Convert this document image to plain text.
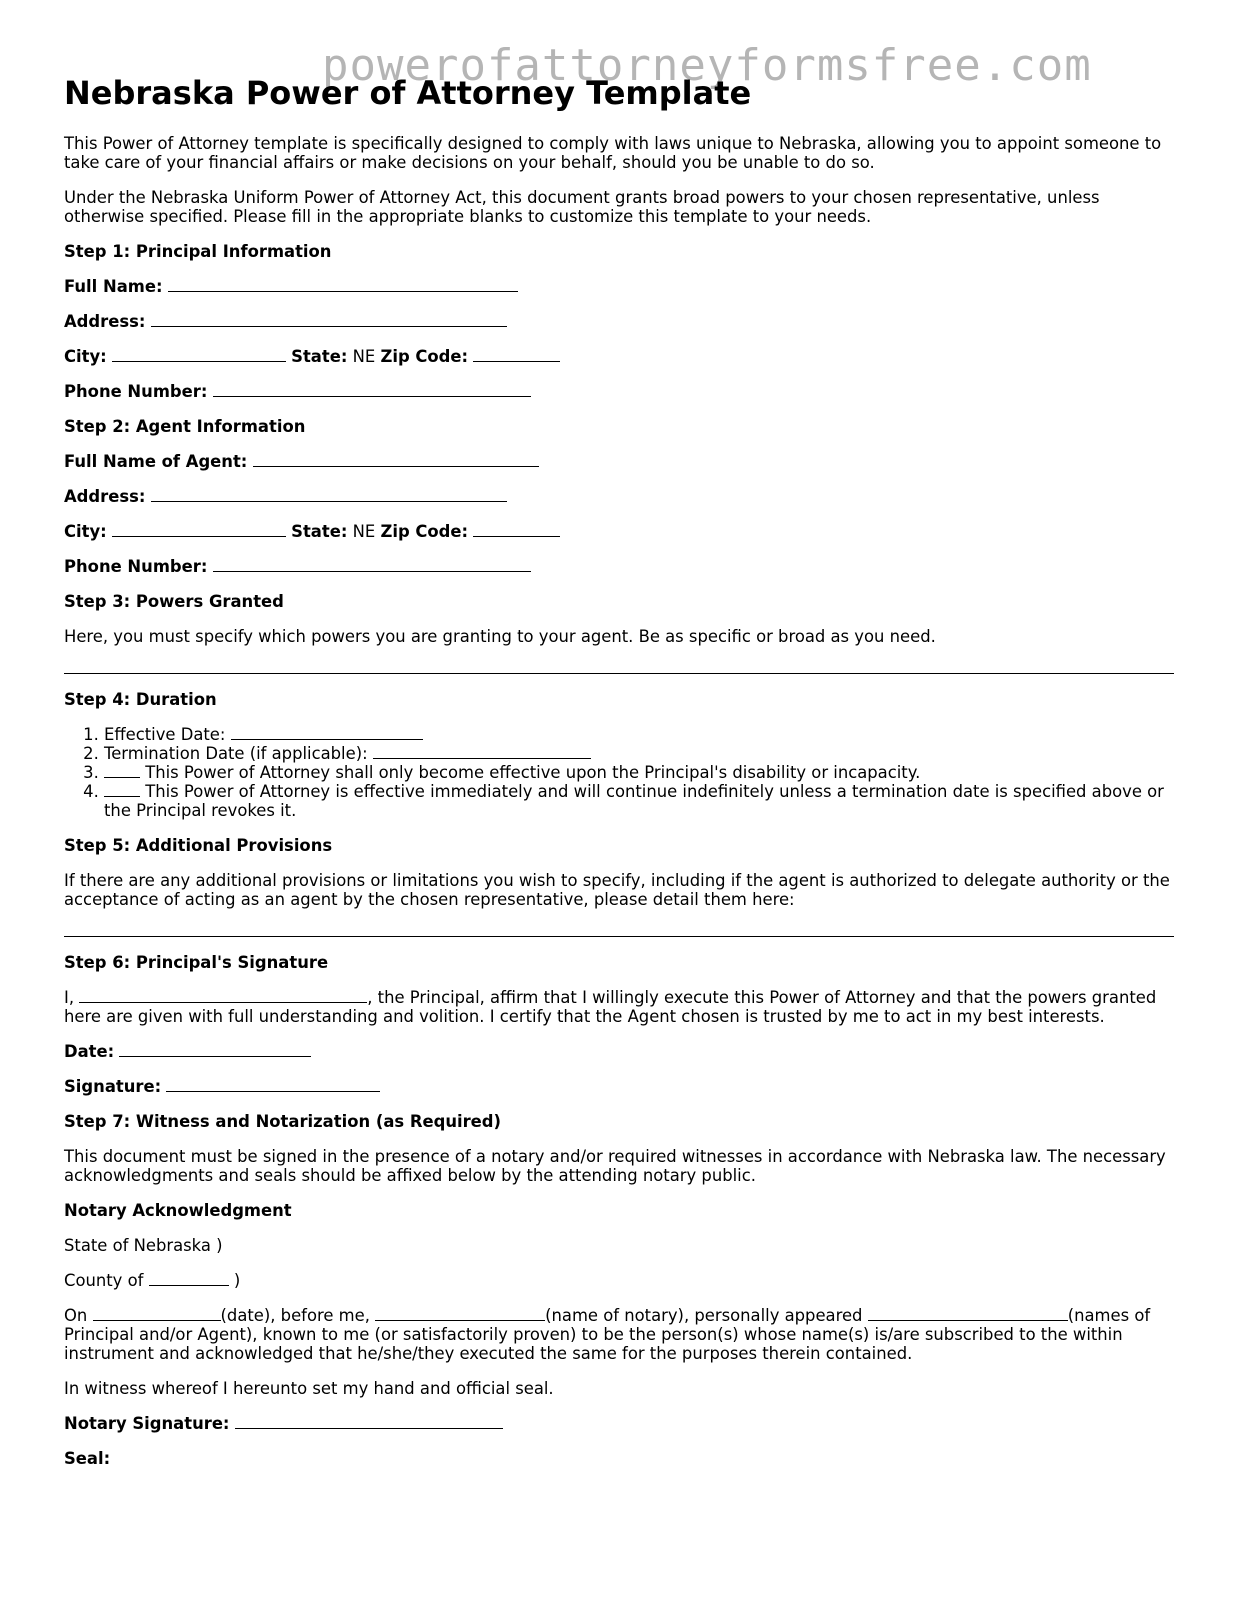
powerofattorneyformsfree.com
Nebraska Power of Attorney Template

This Power of Attorney template is specifically designed to comply with laws unique to Nebraska, allowing you to appoint someone to take care of your financial affairs or make decisions on your behalf, should you be unable to do so.

Under the Nebraska Uniform Power of Attorney Act, this document grants broad powers to your chosen representative, unless otherwise specified. Please fill in the appropriate blanks to customize this template to your needs.

Step 1: Principal Information

Full Name:

Address:

City:	State: NE Zip Code:

Phone Number:

Step 2: Agent Information

Full Name of Agent:

Address:

City:	State: NE Zip Code:

Phone Number:

Step 3: Powers Granted

Here, you must specify which powers you are granting to your agent. Be as specific or broad as you need.

Step 4: Duration
1. Effective Date:
2. Termination Date (if applicable):
3. This Power of Attorney shall only become effective upon the Principal's disability or incapacity.
4. This Power of Attorney is effective immediately and will continue indefinitely unless a termination date is specified above or the Principal revokes it.
Step 5: Additional Provisions

If there are any additional provisions or limitations you wish to specify, including if the agent is authorized to delegate authority or the acceptance of acting as an agent by the chosen representative, please detail them here:

Step 6: Principal's Signature

I,	, the Principal, affirm that I willingly execute this Power of Attorney and that the powers granted here are given with full understanding and volition. I certify that the Agent chosen is trusted by me to act in my best interests.

Date:

Signature:

Step 7: Witness and Notarization (as Required)

This document must be signed in the presence of a notary and/or required witnesses in accordance with Nebraska law. The necessary acknowledgments and seals should be affixed below by the attending notary public.

Notary Acknowledgment

State of Nebraska )

County of	)

On	(date), before me,	(name of notary), personally appeared	(names of Principal and/or Agent), known to me (or satisfactorily proven) to be the person(s) whose name(s) is/are subscribed to the within instrument and acknowledged that he/she/they executed the same for the purposes therein contained.

In witness whereof I hereunto set my hand and official seal.

Notary Signature:

Seal:
